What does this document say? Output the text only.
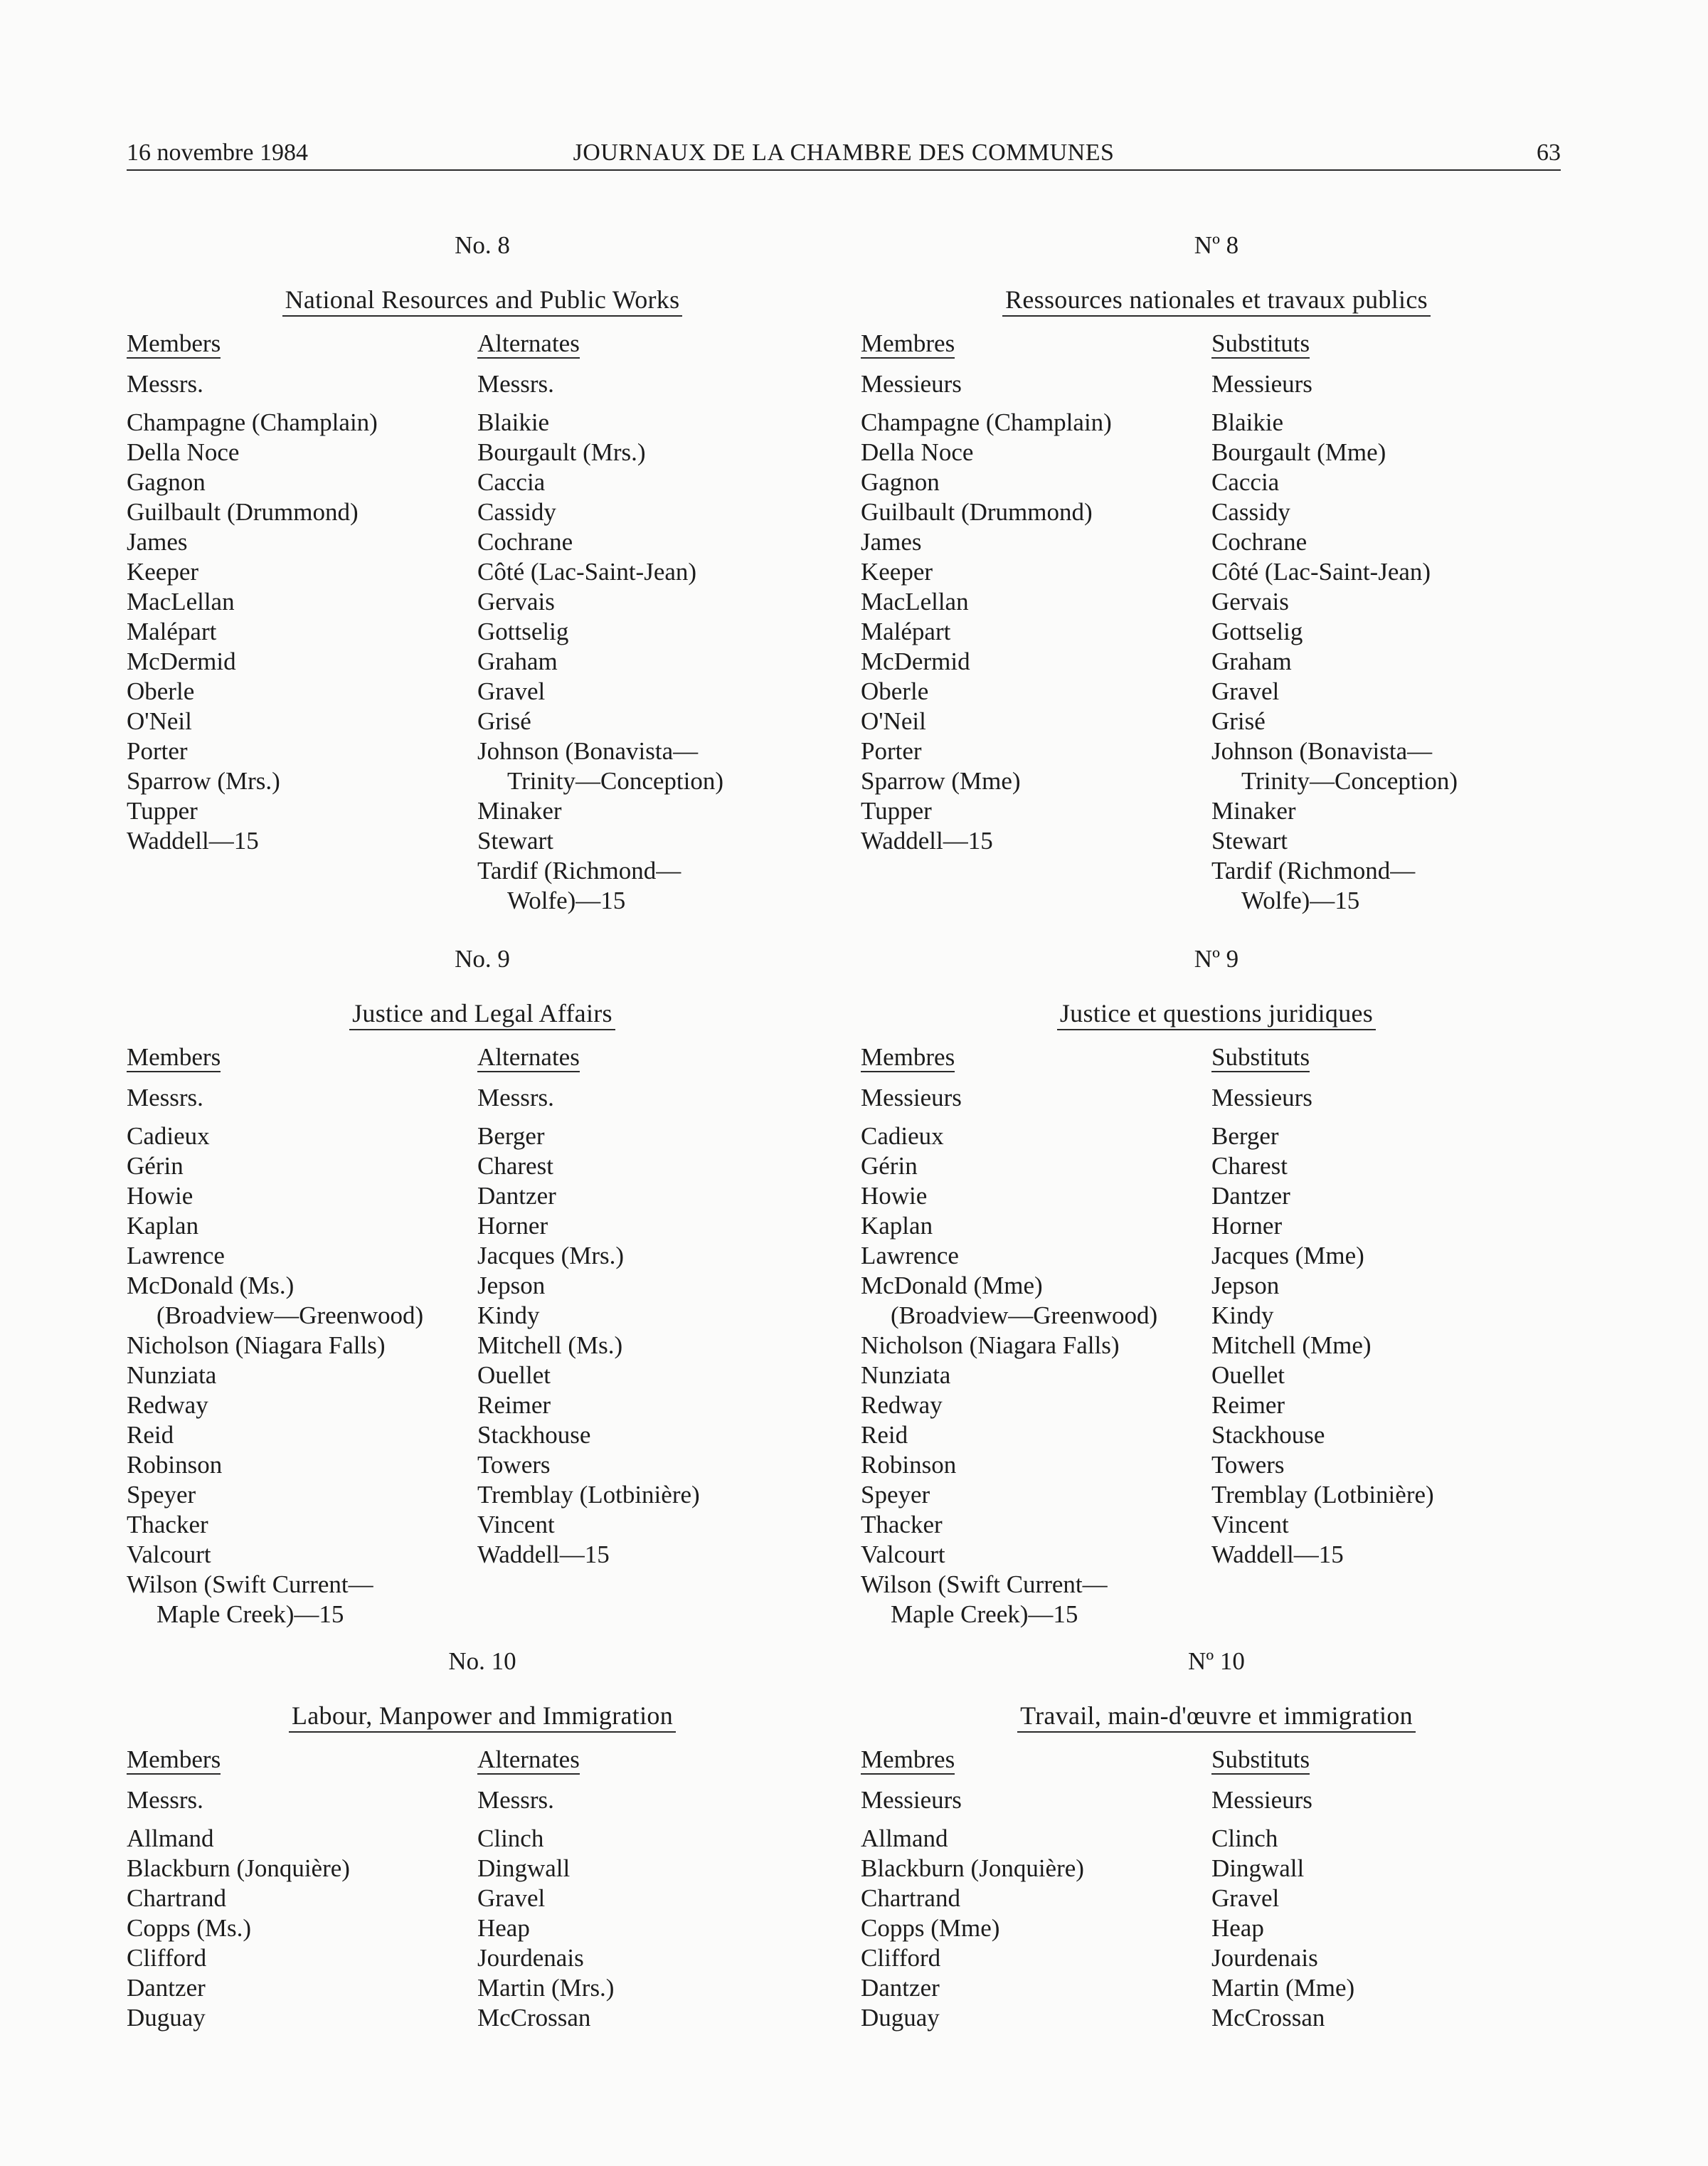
16 novembre 1984	JOURNAUX DE LA CHAMBRE DES COMMUNES	63
No. 8
National Resources and Public Works
Members
Messrs.
Champagne (Champlain)
Della Noce
Gagnon
Guilbault (Drummond)
James
Keeper
MacLellan
Malépart
McDermid
Oberle
O'Neil
Porter
Sparrow (Mrs.)
Tupper
Waddell—15
Alternates
Messrs.
Blaikie
Bourgault (Mrs.)
Caccia
Cassidy
Cochrane
Côté (Lac-Saint-Jean)
Gervais
Gottselig
Graham
Gravel
Grisé
Johnson (Bonavista—
Trinity—Conception)
Minaker
Stewart
Tardif (Richmond—
Wolfe)—15
No. 9
Justice and Legal Affairs
Members
Messrs.
Cadieux
Gérin
Howie
Kaplan
Lawrence
McDonald (Ms.)
(Broadview—Greenwood)
Nicholson (Niagara Falls)
Nunziata
Redway
Reid
Robinson
Speyer
Thacker
Valcourt
Wilson (Swift Current—
Maple Creek)—15
Alternates
Messrs.
Berger
Charest
Dantzer
Horner
Jacques (Mrs.)
Jepson
Kindy
Mitchell (Ms.)
Ouellet
Reimer
Stackhouse
Towers
Tremblay (Lotbinière)
Vincent
Waddell—15
No. 10
Labour, Manpower and Immigration
Members
Messrs.
Allmand
Blackburn (Jonquière)
Chartrand
Copps (Ms.)
Clifford
Dantzer
Duguay
Alternates
Messrs.
Clinch
Dingwall
Gravel
Heap
Jourdenais
Martin (Mrs.)
McCrossan
Nº 8
Ressources nationales et travaux publics
Membres
Messieurs
Champagne (Champlain)
Della Noce
Gagnon
Guilbault (Drummond)
James
Keeper
MacLellan
Malépart
McDermid
Oberle
O'Neil
Porter
Sparrow (Mme)
Tupper
Waddell—15
Substituts
Messieurs
Blaikie
Bourgault (Mme)
Caccia
Cassidy
Cochrane
Côté (Lac-Saint-Jean)
Gervais
Gottselig
Graham
Gravel
Grisé
Johnson (Bonavista—
Trinity—Conception)
Minaker
Stewart
Tardif (Richmond—
Wolfe)—15
Nº 9
Justice et questions juridiques
Membres
Messieurs
Cadieux
Gérin
Howie
Kaplan
Lawrence
McDonald (Mme)
(Broadview—Greenwood)
Nicholson (Niagara Falls)
Nunziata
Redway
Reid
Robinson
Speyer
Thacker
Valcourt
Wilson (Swift Current—
Maple Creek)—15
Substituts
Messieurs
Berger
Charest
Dantzer
Horner
Jacques (Mme)
Jepson
Kindy
Mitchell (Mme)
Ouellet
Reimer
Stackhouse
Towers
Tremblay (Lotbinière)
Vincent
Waddell—15
Nº 10
Travail, main-d'œuvre et immigration
Membres
Messieurs
Allmand
Blackburn (Jonquière)
Chartrand
Copps (Mme)
Clifford
Dantzer
Duguay
Substituts
Messieurs
Clinch
Dingwall
Gravel
Heap
Jourdenais
Martin (Mme)
McCrossan
